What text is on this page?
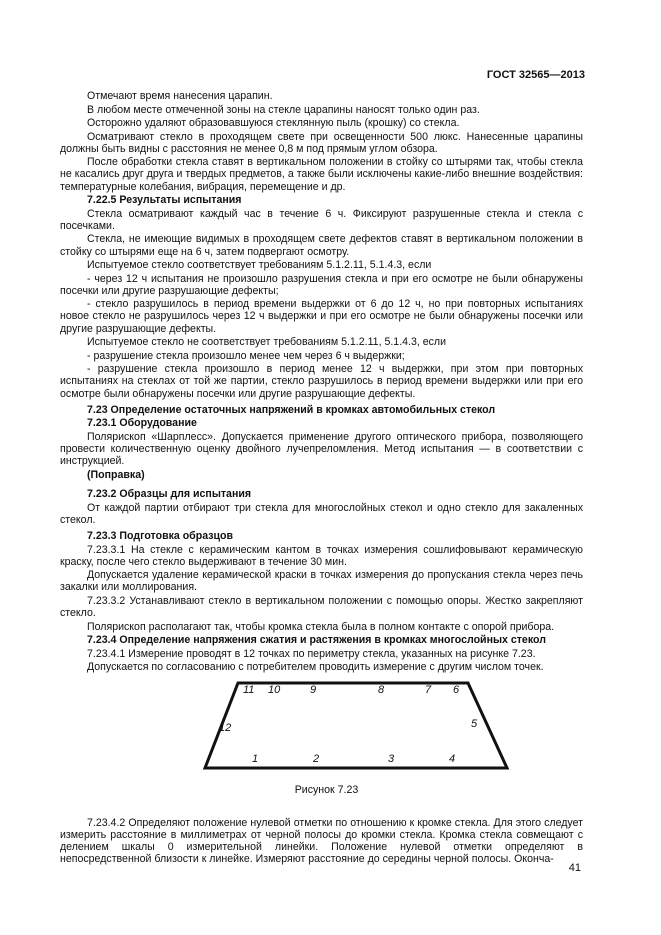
ГОСТ 32565—2013
Отмечают время нанесения царапин.
В любом месте отмеченной зоны на стекле царапины наносят только один раз.
Осторожно удаляют образовавшуюся стеклянную пыль (крошку) со стекла.
Осматривают стекло в проходящем свете при освещенности 500 люкс. Нанесенные царапины должны быть видны с расстояния не менее 0,8 м под прямым углом обзора.
После обработки стекла ставят в вертикальном положении в стойку со штырями так, чтобы стекла не касались друг друга и твердых предметов, а также были исключены какие-либо внешние воздействия: температурные колебания, вибрация, перемещение и др.
7.22.5 Результаты испытания
Стекла осматривают каждый час в течение 6 ч. Фиксируют разрушенные стекла и стекла с посечками.
Стекла, не имеющие видимых в проходящем свете дефектов ставят в вертикальном положении в стойку со штырями еще на 6 ч, затем подвергают осмотру.
Испытуемое стекло соответствует требованиям 5.1.2.11, 5.1.4.3, если
- через 12 ч испытания не произошло разрушения стекла и при его осмотре не были обнаружены посечки или другие разрушающие дефекты;
- стекло разрушилось в период времени выдержки от 6 до 12 ч, но при повторных испытаниях новое стекло не разрушилось через 12 ч выдержки и при его осмотре не были обнаружены посечки или другие разрушающие дефекты.
Испытуемое стекло не соответствует требованиям 5.1.2.11, 5.1.4.3, если
- разрушение стекла произошло менее чем через 6 ч выдержки;
- разрушение стекла произошло в период менее 12 ч выдержки, при этом при повторных испытаниях на стеклах от той же партии, стекло разрушилось в период времени выдержки или при его осмотре были обнаружены посечки или другие разрушающие дефекты.
7.23 Определение остаточных напряжений в кромках автомобильных стекол
7.23.1 Оборудование
Полярископ «Шарплесс». Допускается применение другого оптического прибора, позволяющего провести количественную оценку двойного лучепреломления. Метод испытания — в соответствии с инструкцией.
(Поправка)
7.23.2 Образцы для испытания
От каждой партии отбирают три стекла для многослойных стекол и одно стекло для закаленных стекол.
7.23.3 Подготовка образцов
7.23.3.1 На стекле с керамическим кантом в точках измерения сошлифовывают керамическую краску, после чего стекло выдерживают в течение 30 мин.
Допускается удаление керамической краски в точках измерения до пропускания стекла через печь закалки или моллирования.
7.23.3.2 Устанавливают стекло в вертикальном положении с помощью опоры. Жестко закрепляют стекло.
Полярископ располагают так, чтобы кромка стекла была в полном контакте с опорой прибора.
7.23.4 Определение напряжения сжатия и растяжения в кромках многослойных стекол
7.23.4.1 Измерение проводят в 12 точках по периметру стекла, указанных на рисунке 7.23.
Допускается по согласованию с потребителем проводить измерение с другим числом точек.
1	2	3	4
5
6
7
8
9
10
11
12
Рисунок 7.23
7.23.4.2 Определяют положение нулевой отметки по отношению к кромке стекла. Для этого следует измерить расстояние в миллиметрах от черной полосы до кромки стекла. Кромка стекла совмещают с делением шкалы 0 измерительной линейки. Положение нулевой отметки определяют в непосредственной близости к линейке. Измеряют расстояние до середины черной полосы. Оконча-
41
